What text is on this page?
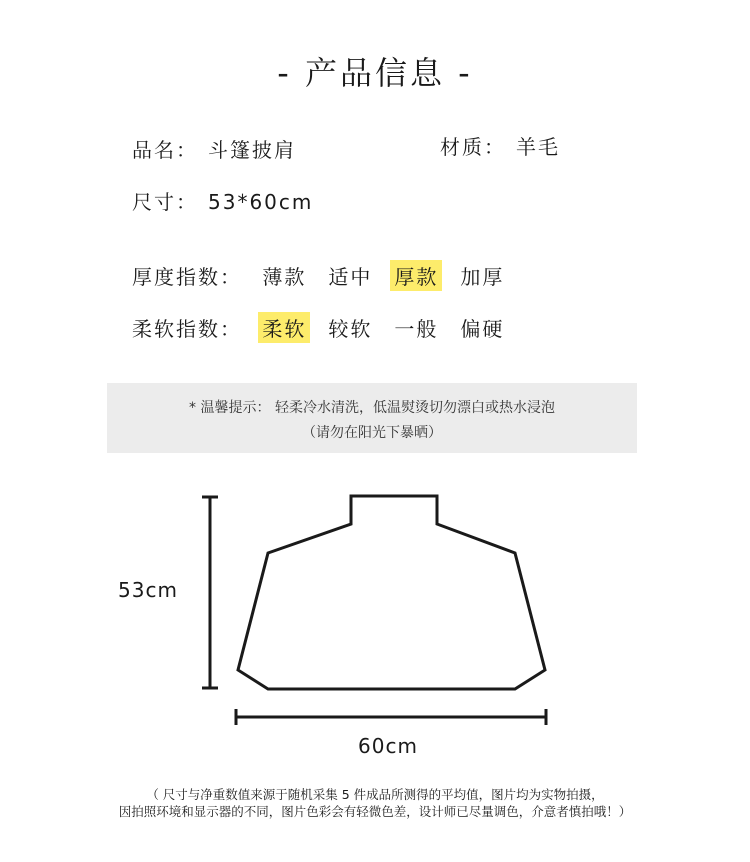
- 产品信息 -
品名： 斗篷披肩	材质： 羊毛
尺寸： 53*60cm
厚度指数： 薄款 适中 厚款 加厚
柔软指数： 柔软 较软 一般 偏硬
* 温馨提示： 轻柔冷水清洗，低温熨烫切勿漂白或热水浸泡
（请勿在阳光下暴晒）
53cm
60cm
（ 尺寸与净重数值来源于随机采集 5 件成品所测得的平均值，图片均为实物拍摄，
因拍照环境和显示器的不同，图片色彩会有轻微色差，设计师已尽量调色，介意者慎拍哦！）
